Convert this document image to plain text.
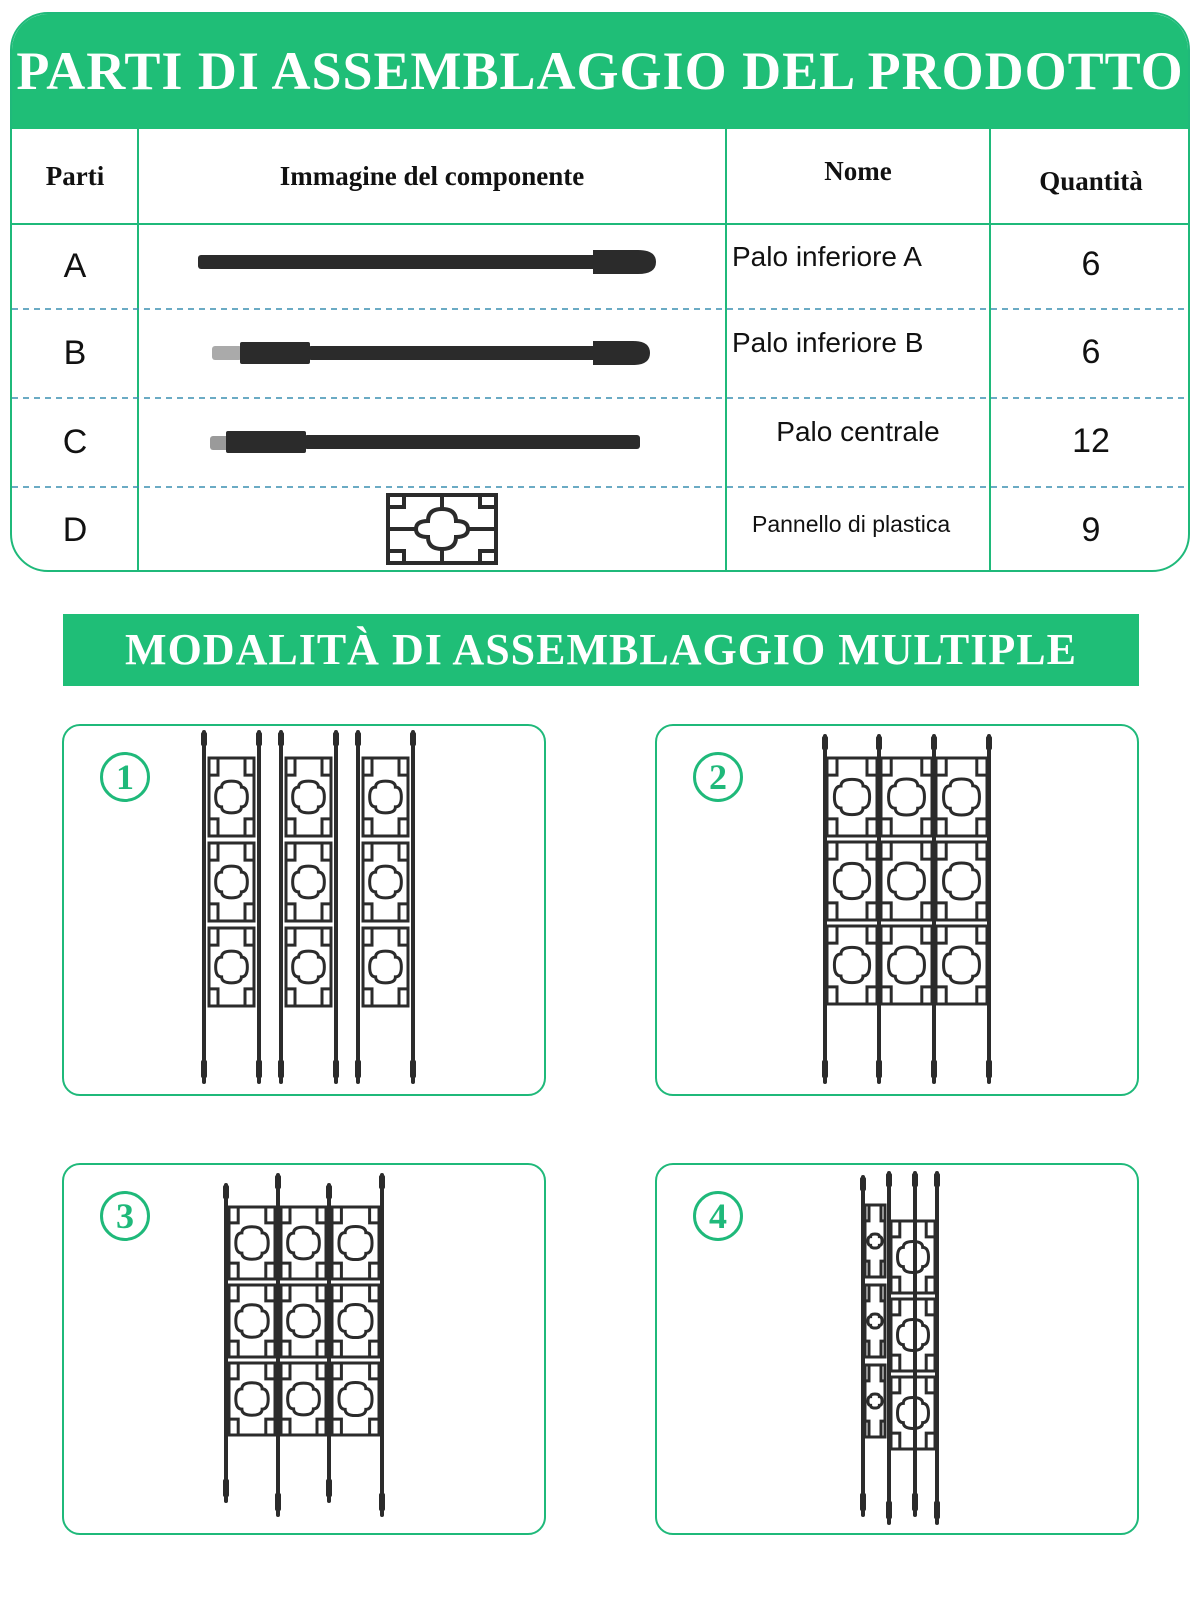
PARTI DI ASSEMBLAGGIO DEL PRODOTTO
Parti	Immagine del componente	Nome	Quantità
A	Palo inferiore A	6
B	Palo inferiore B	6
C	Palo centrale	12
D	Pannello di plastica	9
MODALITÀ DI ASSEMBLAGGIO MULTIPLE
1	2
3	4
